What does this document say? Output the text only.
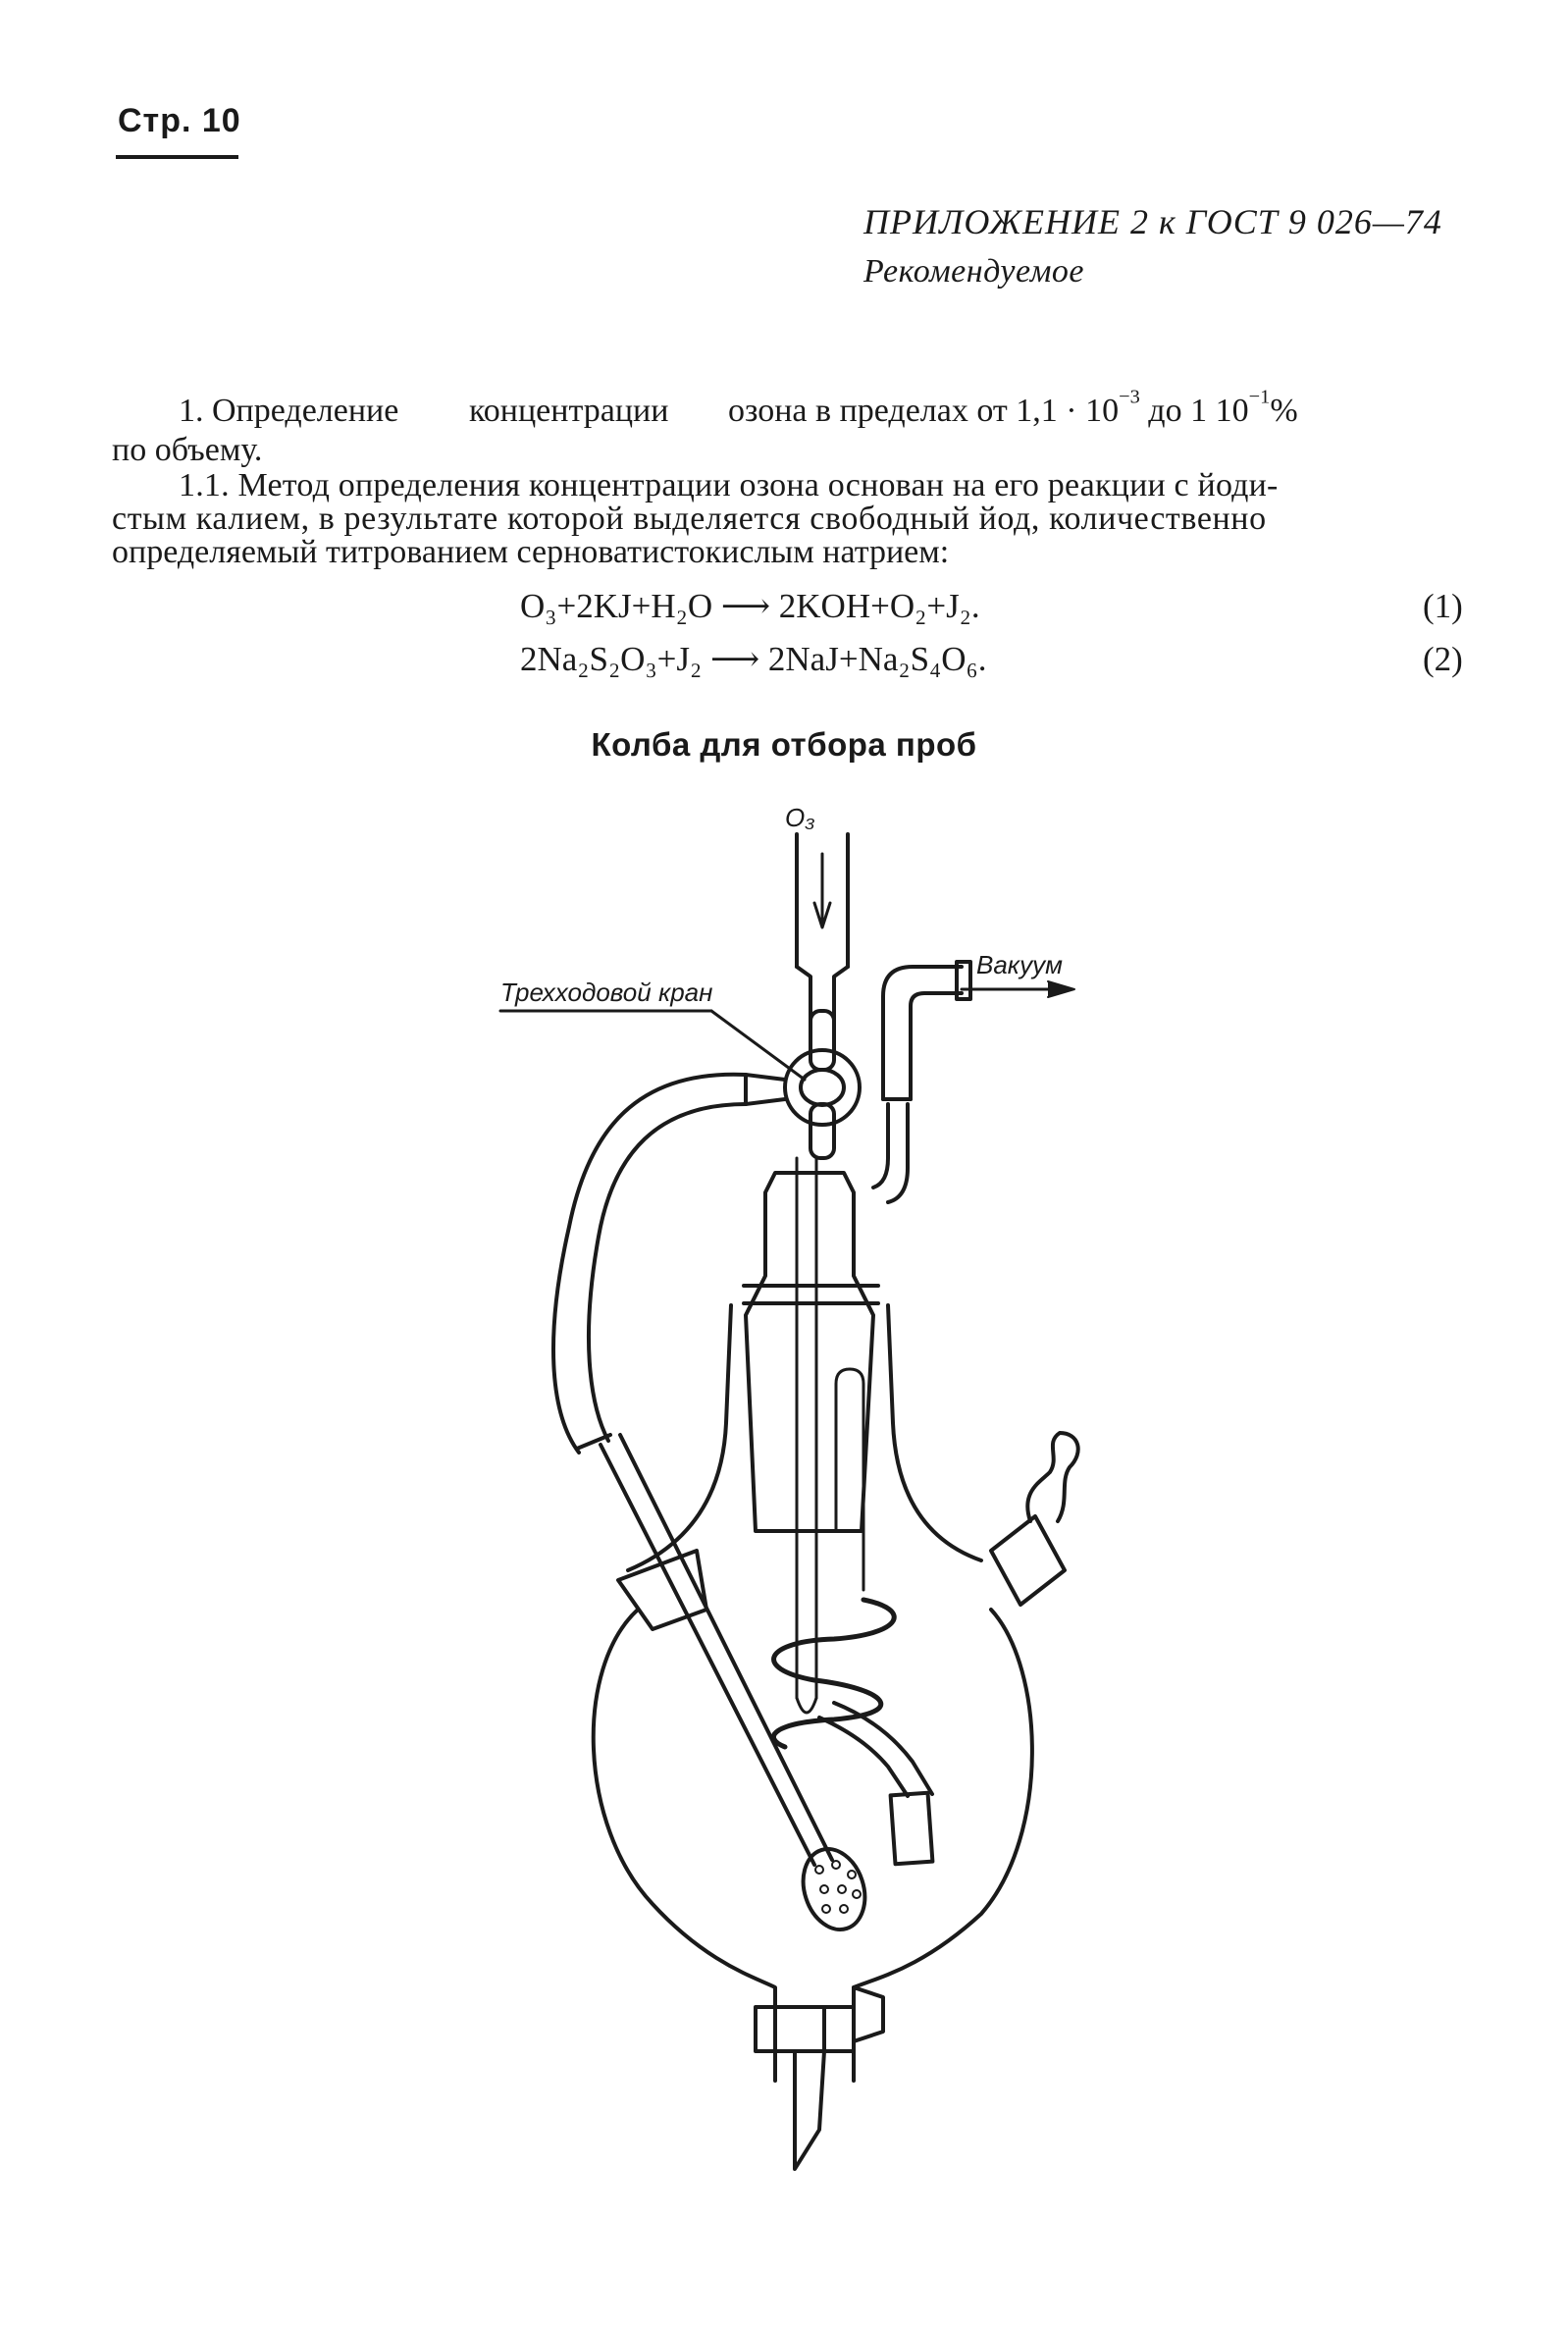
Стр. 10
ПРИЛОЖЕНИЕ 2 к ГОСТ 9 026—74
Рекомендуемое
1. Определение концентрации озона в пределах от $1,1 \cdot 10^{-3}$ до 1 $10^{-1}\%$
по объему.
1.1. Метод определения концентрации озона основан на его реакции с йоди-
стым калием, в результате которой выделяется свободный йод, количественно
определяемый титрованием серноватистокислым натрием:
O₃+2KJ+H₂O ⟶ 2KOH+O₂+J₂.	(1)
2Na₂S₂O₃+J₂ ⟶ 2NaJ+Na₂S₄O₆.	(2)
Колба для отбора проб
O₃
Вакуум
Трехходовой кран
